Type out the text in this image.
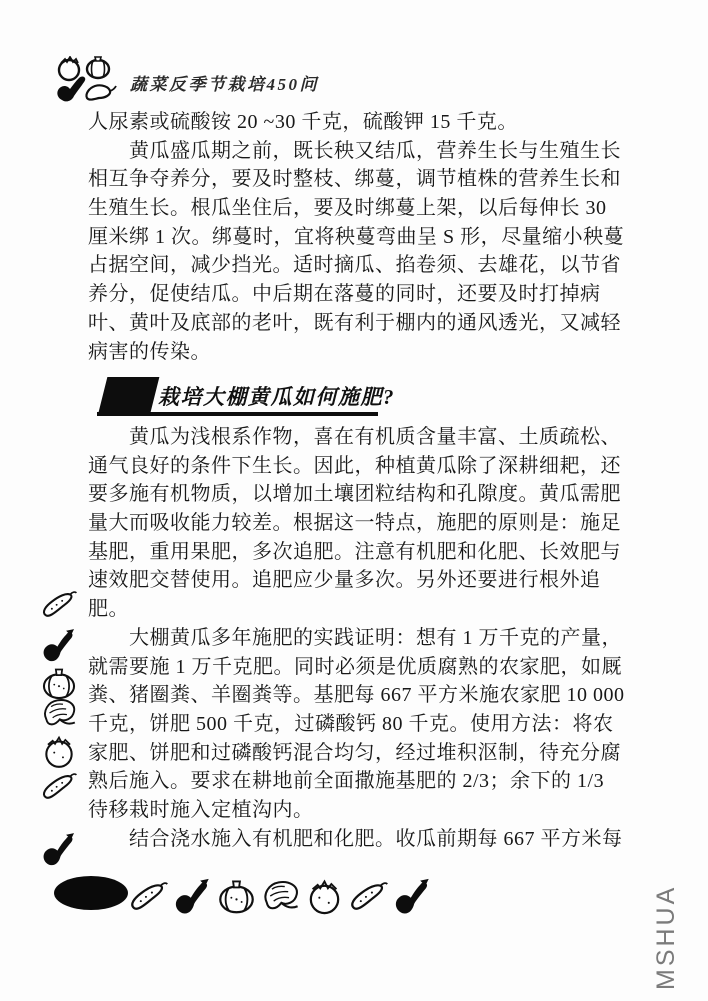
蔬菜反季节栽培450问
人尿素或硫酸铵 20 ~30 千克，硫酸钾 15 千克。
　　黄瓜盛瓜期之前，既长秧又结瓜，营养生长与生殖生长
相互争夺养分，要及时整枝、绑蔓，调节植株的营养生长和
生殖生长。根瓜坐住后，要及时绑蔓上架，以后每伸长 30
厘米绑 1 次。绑蔓时，宜将秧蔓弯曲呈 S 形，尽量缩小秧蔓
占据空间，减少挡光。适时摘瓜、掐卷须、去雄花，以节省
养分，促使结瓜。中后期在落蔓的同时，还要及时打掉病
叶、黄叶及底部的老叶，既有利于棚内的通风透光，又减轻
病害的传染。
栽培大棚黄瓜如何施肥?
　　黄瓜为浅根系作物，喜在有机质含量丰富、土质疏松、
通气良好的条件下生长。因此，种植黄瓜除了深耕细耙，还
要多施有机物质，以增加土壤团粒结构和孔隙度。黄瓜需肥
量大而吸收能力较差。根据这一特点，施肥的原则是：施足
基肥，重用果肥，多次追肥。注意有机肥和化肥、长效肥与
速效肥交替使用。追肥应少量多次。另外还要进行根外追
肥。
　　大棚黄瓜多年施肥的实践证明：想有 1 万千克的产量，
就需要施 1 万千克肥。同时必须是优质腐熟的农家肥，如厩
粪、猪圈粪、羊圈粪等。基肥每 667 平方米施农家肥 10 000
千克，饼肥 500 千克，过磷酸钙 80 千克。使用方法：将农
家肥、饼肥和过磷酸钙混合均匀，经过堆积沤制，待充分腐
熟后施入。要求在耕地前全面撒施基肥的 2/3；余下的 1/3
待移栽时施入定植沟内。
　　结合浇水施入有机肥和化肥。收瓜前期每 667 平方米每
MSHUA
